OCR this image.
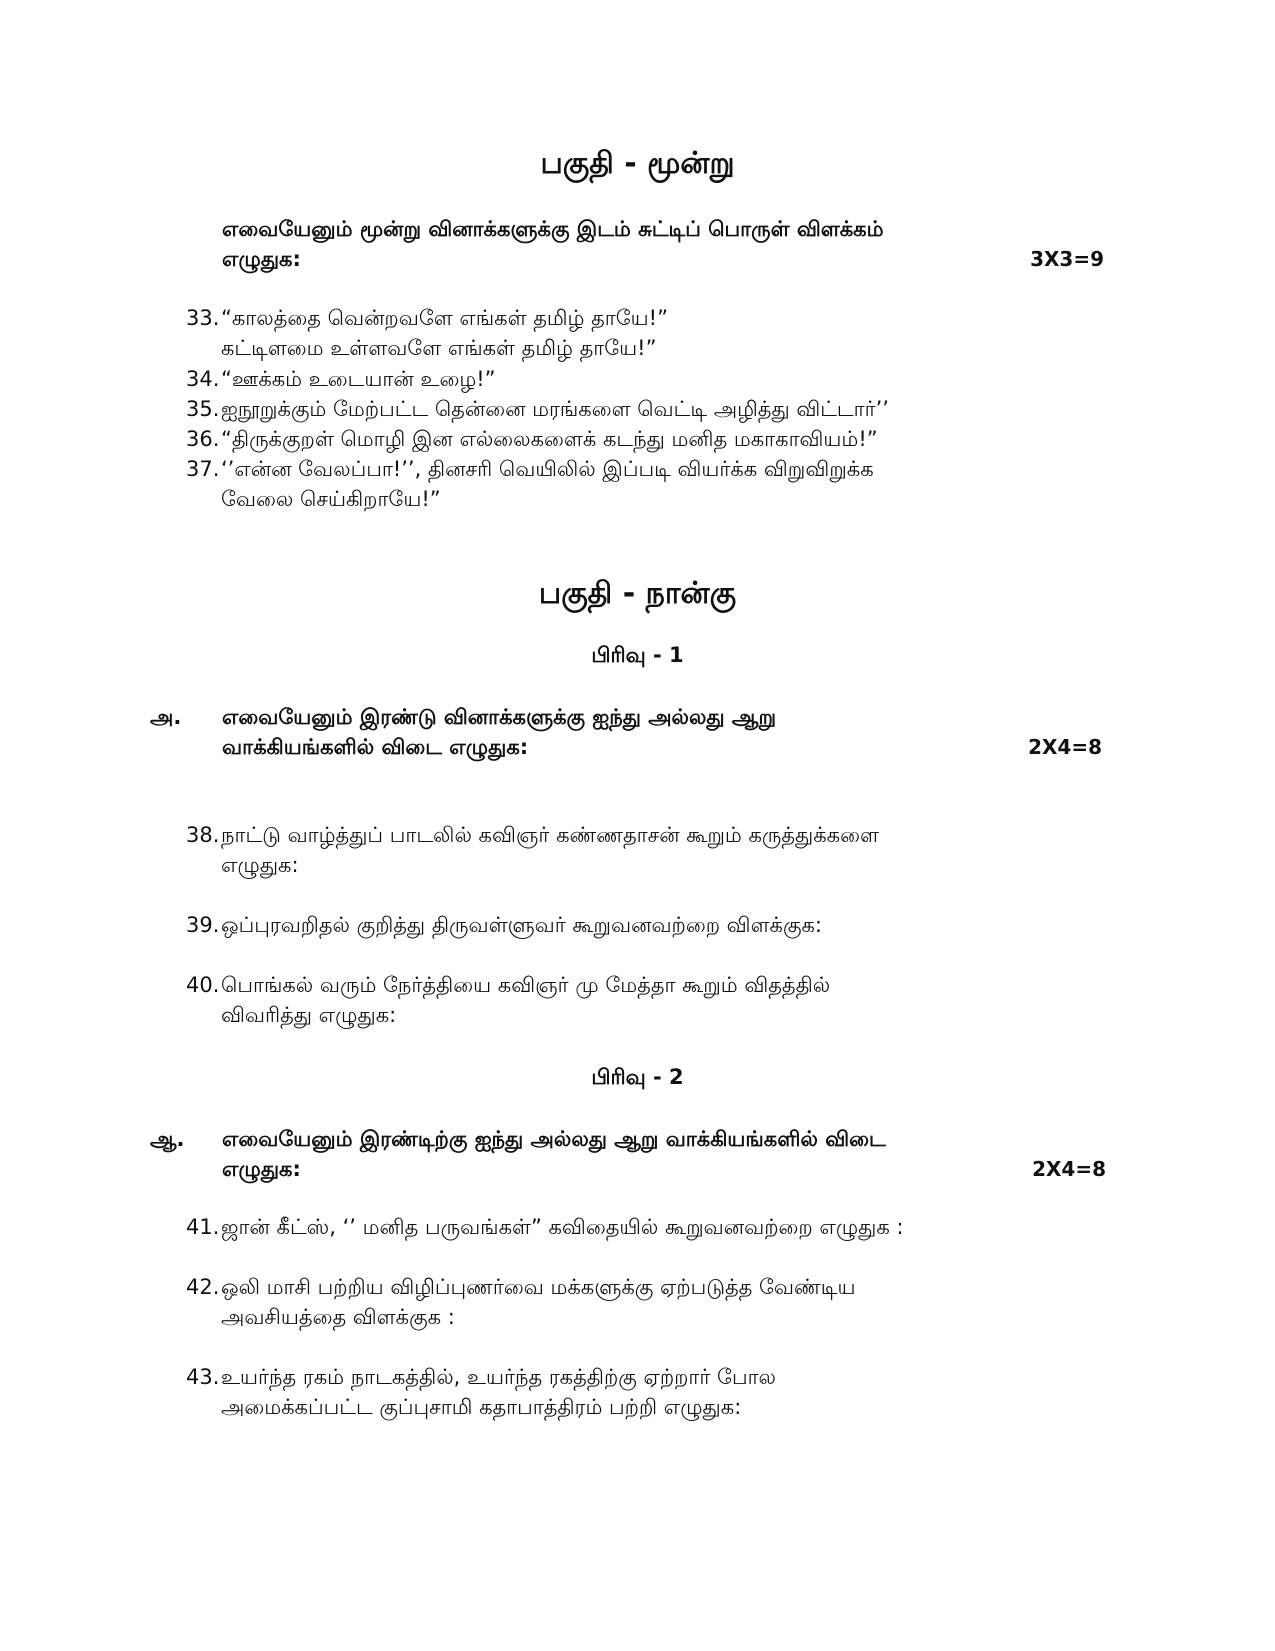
பகுதி - மூன்று
எவையேனும் மூன்று வினாக்களுக்கு இடம் சுட்டிப் பொருள் விளக்கம்
எழுதுக:	3X3=9
33.“காலத்தை வென்றவளே எங்கள் தமிழ் தாயே!”
கட்டிளமை உள்ளவளே எங்கள் தமிழ் தாயே!”
34.“ஊக்கம் உடையான் உழை!”
35.ஐநூறுக்கும் மேற்பட்ட தென்னை மரங்களை வெட்டி அழித்து விட்டார்’’
36.“திருக்குறள் மொழி இன எல்லைகளைக் கடந்து மனித மகாகாவியம்!”
37.‘’என்ன வேலப்பா!’’, தினசரி வெயிலில் இப்படி வியர்க்க விறுவிறுக்க
வேலை செய்கிறாயே!”
பகுதி - நான்கு
பிரிவு - 1
அ. எவையேனும் இரண்டு வினாக்களுக்கு ஐந்து அல்லது ஆறு
வாக்கியங்களில் விடை எழுதுக:	2X4=8
38.நாட்டு வாழ்த்துப் பாடலில் கவிஞர் கண்ணதாசன் கூறும் கருத்துக்களை
எழுதுக:
39.ஒப்புரவறிதல் குறித்து திருவள்ளுவர் கூறுவனவற்றை விளக்குக:
40.பொங்கல் வரும் நேர்த்தியை கவிஞர் மு மேத்தா கூறும் விதத்தில்
விவரித்து எழுதுக:
பிரிவு - 2
ஆ. எவையேனும் இரண்டிற்கு ஐந்து அல்லது ஆறு வாக்கியங்களில் விடை
எழுதுக:	2X4=8
41.ஜான் கீட்ஸ், ‘’ மனித பருவங்கள்” கவிதையில் கூறுவனவற்றை எழுதுக :
42.ஒலி மாசி பற்றிய விழிப்புணர்வை மக்களுக்கு ஏற்படுத்த வேண்டிய
அவசியத்தை விளக்குக :
43.உயர்ந்த ரகம் நாடகத்தில், உயர்ந்த ரகத்திற்கு ஏற்றார் போல
அமைக்கப்பட்ட குப்புசாமி கதாபாத்திரம் பற்றி எழுதுக:
